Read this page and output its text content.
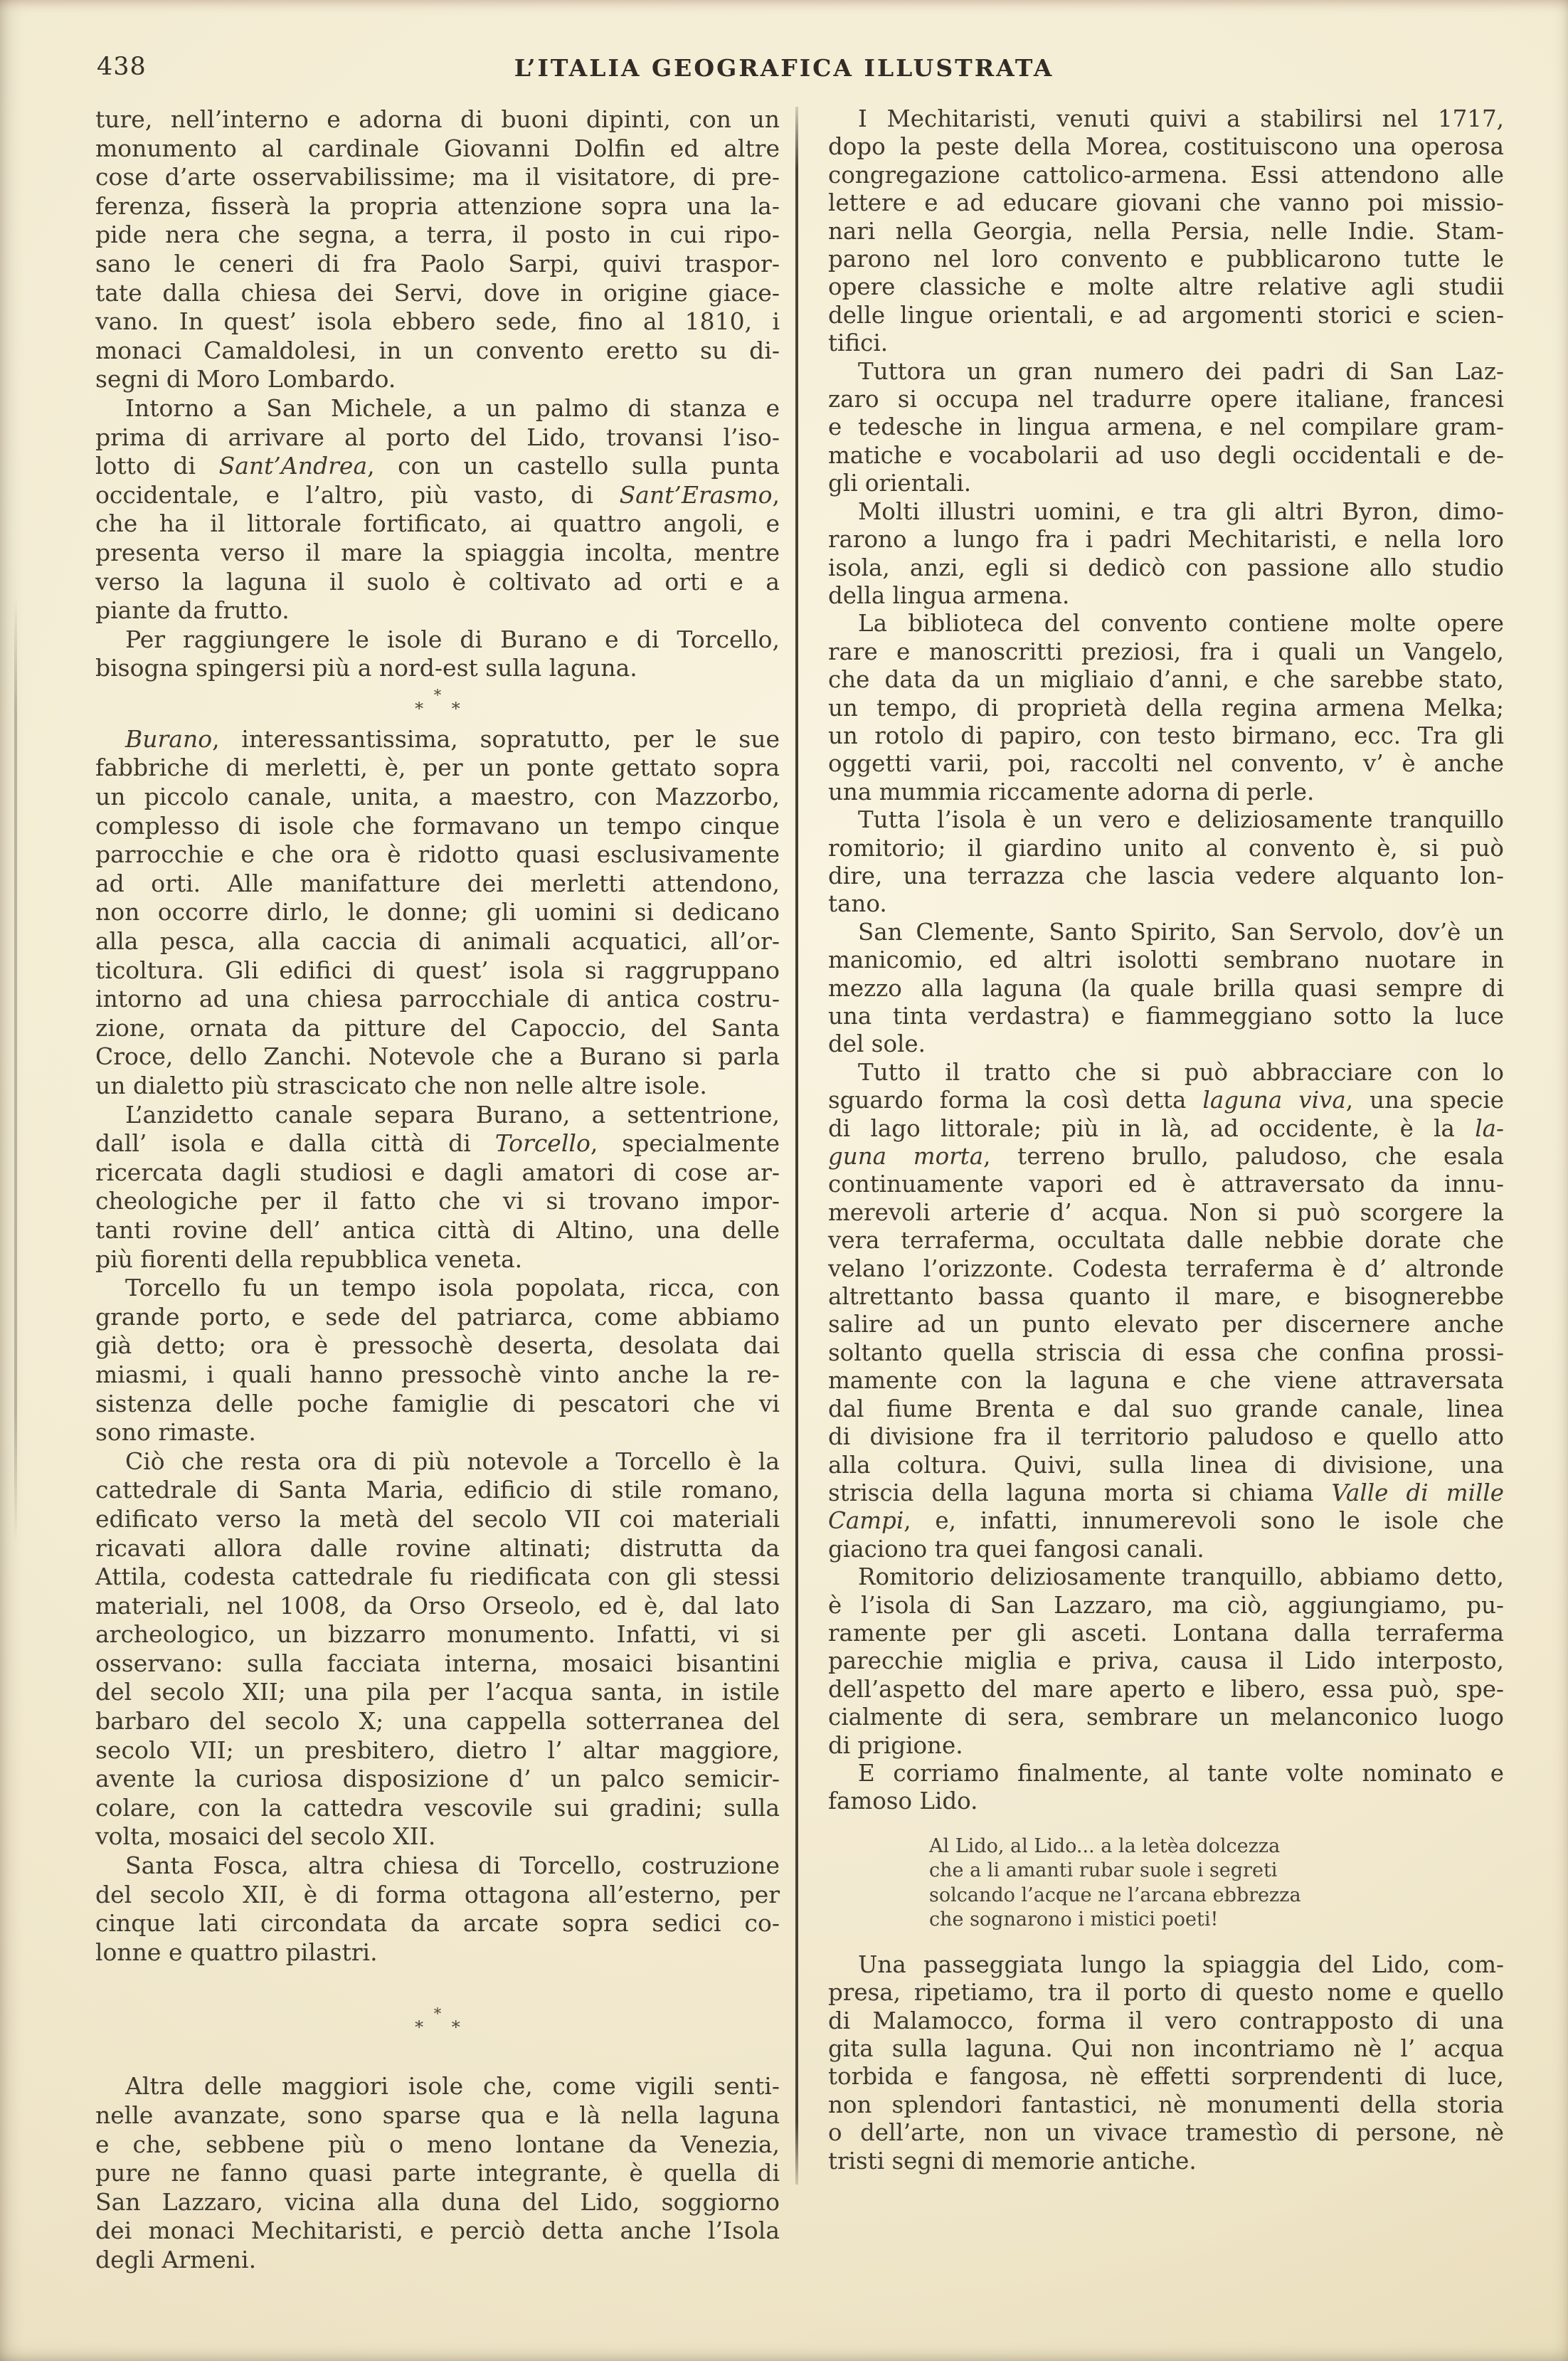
438	L’ITALIA GEOGRAFICA ILLUSTRATA
ture, nell’interno e adorna di buoni dipinti, con un
monumento al cardinale Giovanni Dolfin ed altre
cose d’arte osservabilissime; ma il visitatore, di pre-
ferenza, fisserà la propria attenzione sopra una la-
pide nera che segna, a terra, il posto in cui ripo-
sano le ceneri di fra Paolo Sarpi, quivi traspor-
tate dalla chiesa dei Servi, dove in origine giace-
vano. In quest’ isola ebbero sede, fino al 1810, i
monaci Camaldolesi, in un convento eretto su di-
segni di Moro Lombardo.
Intorno a San Michele, a un palmo di stanza e
prima di arrivare al porto del Lido, trovansi l’iso-
lotto di Sant’Andrea, con un castello sulla punta
occidentale, e l’altro, più vasto, di Sant’Erasmo,
che ha il littorale fortificato, ai quattro angoli, e
presenta verso il mare la spiaggia incolta, mentre
verso la laguna il suolo è coltivato ad orti e a
piante da frutto.
Per raggiungere le isole di Burano e di Torcello,
bisogna spingersi più a nord-est sulla laguna.
*
* *
Burano, interessantissima, sopratutto, per le sue
fabbriche di merletti, è, per un ponte gettato sopra
un piccolo canale, unita, a maestro, con Mazzorbo,
complesso di isole che formavano un tempo cinque
parrocchie e che ora è ridotto quasi esclusivamente
ad orti. Alle manifatture dei merletti attendono,
non occorre dirlo, le donne; gli uomini si dedicano
alla pesca, alla caccia di animali acquatici, all’or-
ticoltura. Gli edifici di quest’ isola si raggruppano
intorno ad una chiesa parrocchiale di antica costru-
zione, ornata da pitture del Capoccio, del Santa
Croce, dello Zanchi. Notevole che a Burano si parla
un dialetto più strascicato che non nelle altre isole.
L’anzidetto canale separa Burano, a settentrione,
dall’ isola e dalla città di Torcello, specialmente
ricercata dagli studiosi e dagli amatori di cose ar-
cheologiche per il fatto che vi si trovano impor-
tanti rovine dell’ antica città di Altino, una delle
più fiorenti della repubblica veneta.
Torcello fu un tempo isola popolata, ricca, con
grande porto, e sede del patriarca, come abbiamo
già detto; ora è pressochè deserta, desolata dai
miasmi, i quali hanno pressochè vinto anche la re-
sistenza delle poche famiglie di pescatori che vi
sono rimaste.
Ciò che resta ora di più notevole a Torcello è la
cattedrale di Santa Maria, edificio di stile romano,
edificato verso la metà del secolo VII coi materiali
ricavati allora dalle rovine altinati; distrutta da
Attila, codesta cattedrale fu riedificata con gli stessi
materiali, nel 1008, da Orso Orseolo, ed è, dal lato
archeologico, un bizzarro monumento. Infatti, vi si
osservano: sulla facciata interna, mosaici bisantini
del secolo XII; una pila per l’acqua santa, in istile
barbaro del secolo X; una cappella sotterranea del
secolo VII; un presbitero, dietro l’ altar maggiore,
avente la curiosa disposizione d’ un palco semicir-
colare, con la cattedra vescovile sui gradini; sulla
volta, mosaici del secolo XII.
Santa Fosca, altra chiesa di Torcello, costruzione
del secolo XII, è di forma ottagona all’esterno, per
cinque lati circondata da arcate sopra sedici co-
lonne e quattro pilastri.
*
* *
Altra delle maggiori isole che, come vigili senti-
nelle avanzate, sono sparse qua e là nella laguna
e che, sebbene più o meno lontane da Venezia,
pure ne fanno quasi parte integrante, è quella di
San Lazzaro, vicina alla duna del Lido, soggiorno
dei monaci Mechitaristi, e perciò detta anche l’Isola
degli Armeni.
I Mechitaristi, venuti quivi a stabilirsi nel 1717,
dopo la peste della Morea, costituiscono una operosa
congregazione cattolico-armena. Essi attendono alle
lettere e ad educare giovani che vanno poi missio-
nari nella Georgia, nella Persia, nelle Indie. Stam-
parono nel loro convento e pubblicarono tutte le
opere classiche e molte altre relative agli studii
delle lingue orientali, e ad argomenti storici e scien-
tifici.
Tuttora un gran numero dei padri di San Laz-
zaro si occupa nel tradurre opere italiane, francesi
e tedesche in lingua armena, e nel compilare gram-
matiche e vocabolarii ad uso degli occidentali e de-
gli orientali.
Molti illustri uomini, e tra gli altri Byron, dimo-
rarono a lungo fra i padri Mechitaristi, e nella loro
isola, anzi, egli si dedicò con passione allo studio
della lingua armena.
La biblioteca del convento contiene molte opere
rare e manoscritti preziosi, fra i quali un Vangelo,
che data da un migliaio d’anni, e che sarebbe stato,
un tempo, di proprietà della regina armena Melka;
un rotolo di papiro, con testo birmano, ecc. Tra gli
oggetti varii, poi, raccolti nel convento, v’ è anche
una mummia riccamente adorna di perle.
Tutta l’isola è un vero e deliziosamente tranquillo
romitorio; il giardino unito al convento è, si può
dire, una terrazza che lascia vedere alquanto lon-
tano.
San Clemente, Santo Spirito, San Servolo, dov’è un
manicomio, ed altri isolotti sembrano nuotare in
mezzo alla laguna (la quale brilla quasi sempre di
una tinta verdastra) e fiammeggiano sotto la luce
del sole.
Tutto il tratto che si può abbracciare con lo
sguardo forma la così detta laguna viva, una specie
di lago littorale; più in là, ad occidente, è la la-
guna morta, terreno brullo, paludoso, che esala
continuamente vapori ed è attraversato da innu-
merevoli arterie d’ acqua. Non si può scorgere la
vera terraferma, occultata dalle nebbie dorate che
velano l’orizzonte. Codesta terraferma è d’ altronde
altrettanto bassa quanto il mare, e bisognerebbe
salire ad un punto elevato per discernere anche
soltanto quella striscia di essa che confina prossi-
mamente con la laguna e che viene attraversata
dal fiume Brenta e dal suo grande canale, linea
di divisione fra il territorio paludoso e quello atto
alla coltura. Quivi, sulla linea di divisione, una
striscia della laguna morta si chiama Valle di mille
Campi, e, infatti, innumerevoli sono le isole che
giaciono tra quei fangosi canali.
Romitorio deliziosamente tranquillo, abbiamo detto,
è l’isola di San Lazzaro, ma ciò, aggiungiamo, pu-
ramente per gli asceti. Lontana dalla terraferma
parecchie miglia e priva, causa il Lido interposto,
dell’aspetto del mare aperto e libero, essa può, spe-
cialmente di sera, sembrare un melanconico luogo
di prigione.
E corriamo finalmente, al tante volte nominato e
famoso Lido.
Al Lido, al Lido... a la letèa dolcezza
che a li amanti rubar suole i segreti
solcando l’acque ne l’arcana ebbrezza
che sognarono i mistici poeti!
Una passeggiata lungo la spiaggia del Lido, com-
presa, ripetiamo, tra il porto di questo nome e quello
di Malamocco, forma il vero contrapposto di una
gita sulla laguna. Qui non incontriamo nè l’ acqua
torbida e fangosa, nè effetti sorprendenti di luce,
non splendori fantastici, nè monumenti della storia
o dell’arte, non un vivace tramestìo di persone, nè
tristi segni di memorie antiche.
